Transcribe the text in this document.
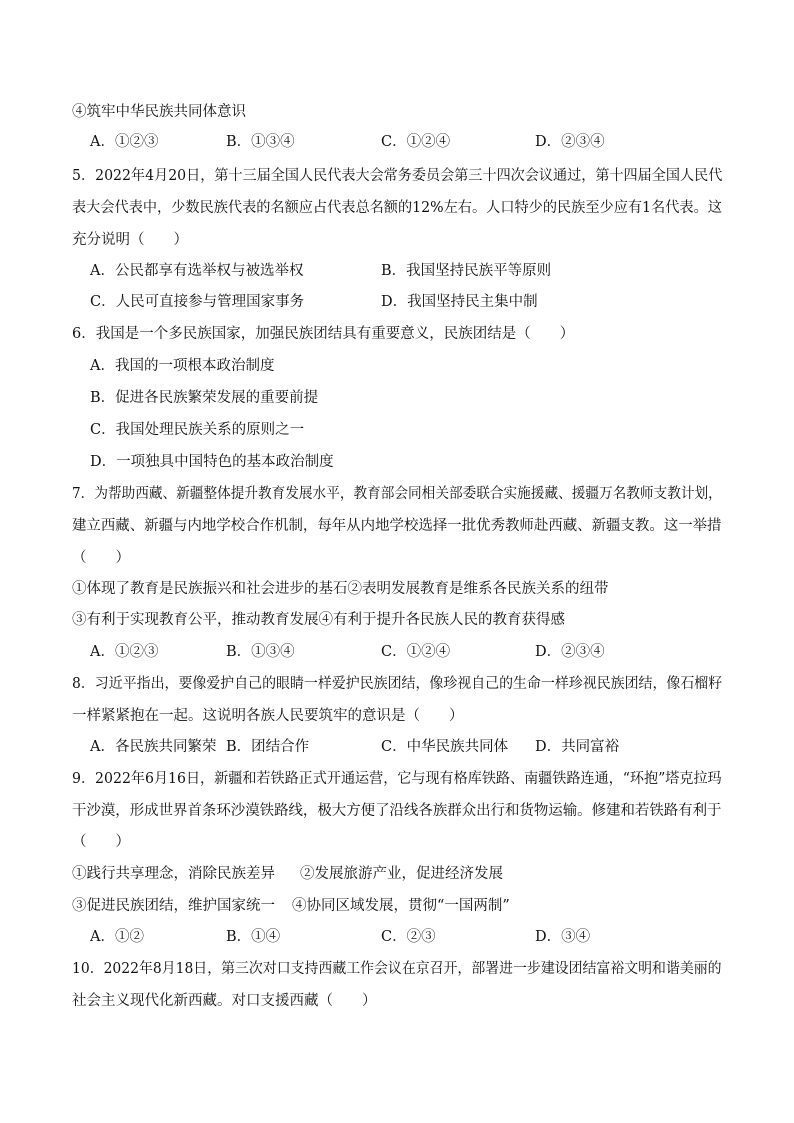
④筑牢中华民族共同体意识
A．①②③	B．①③④	C．①②④	D．②③④
5．2022年4月20日，第十三届全国人民代表大会常务委员会第三十四次会议通过，第十四届全国人民代
表大会代表中，少数民族代表的名额应占代表总名额的12%左右。人口特少的民族至少应有1名代表。这
充分说明（　　）
A．公民都享有选举权与被选举权	B．我国坚持民族平等原则
C．人民可直接参与管理国家事务	D．我国坚持民主集中制
6．我国是一个多民族国家，加强民族团结具有重要意义，民族团结是（　　）
A．我国的一项根本政治制度
B．促进各民族繁荣发展的重要前提
C．我国处理民族关系的原则之一
D．一项独具中国特色的基本政治制度
7．为帮助西藏、新疆整体提升教育发展水平，教育部会同相关部委联合实施援藏、援疆万名教师支教计划，
建立西藏、新疆与内地学校合作机制，每年从内地学校选择一批优秀教师赴西藏、新疆支教。这一举措
（　　）
①体现了教育是民族振兴和社会进步的基石②表明发展教育是维系各民族关系的纽带
③有利于实现教育公平，推动教育发展④有利于提升各民族人民的教育获得感
A．①②③	B．①③④	C．①②④	D．②③④
8．习近平指出，要像爱护自己的眼睛一样爱护民族团结，像珍视自己的生命一样珍视民族团结，像石榴籽
一样紧紧抱在一起。这说明各族人民要筑牢的意识是（　　）
A．各民族共同繁荣 B．团结合作	C．中华民族共同体 D．共同富裕
9．2022年6月16日，新疆和若铁路正式开通运营，它与现有格库铁路、南疆铁路连通，“环抱”塔克拉玛
干沙漠，形成世界首条环沙漠铁路线，极大方便了沿线各族群众出行和货物运输。修建和若铁路有利于
（　　）
①践行共享理念，消除民族差异 ②发展旅游产业，促进经济发展
③促进民族团结，维护国家统一 ④协同区域发展，贯彻“一国两制”
A．①②	B．①④	C．②③	D．③④
10．2022年8月18日，第三次对口支持西藏工作会议在京召开，部署进一步建设团结富裕文明和谐美丽的
社会主义现代化新西藏。对口支援西藏（　　）
